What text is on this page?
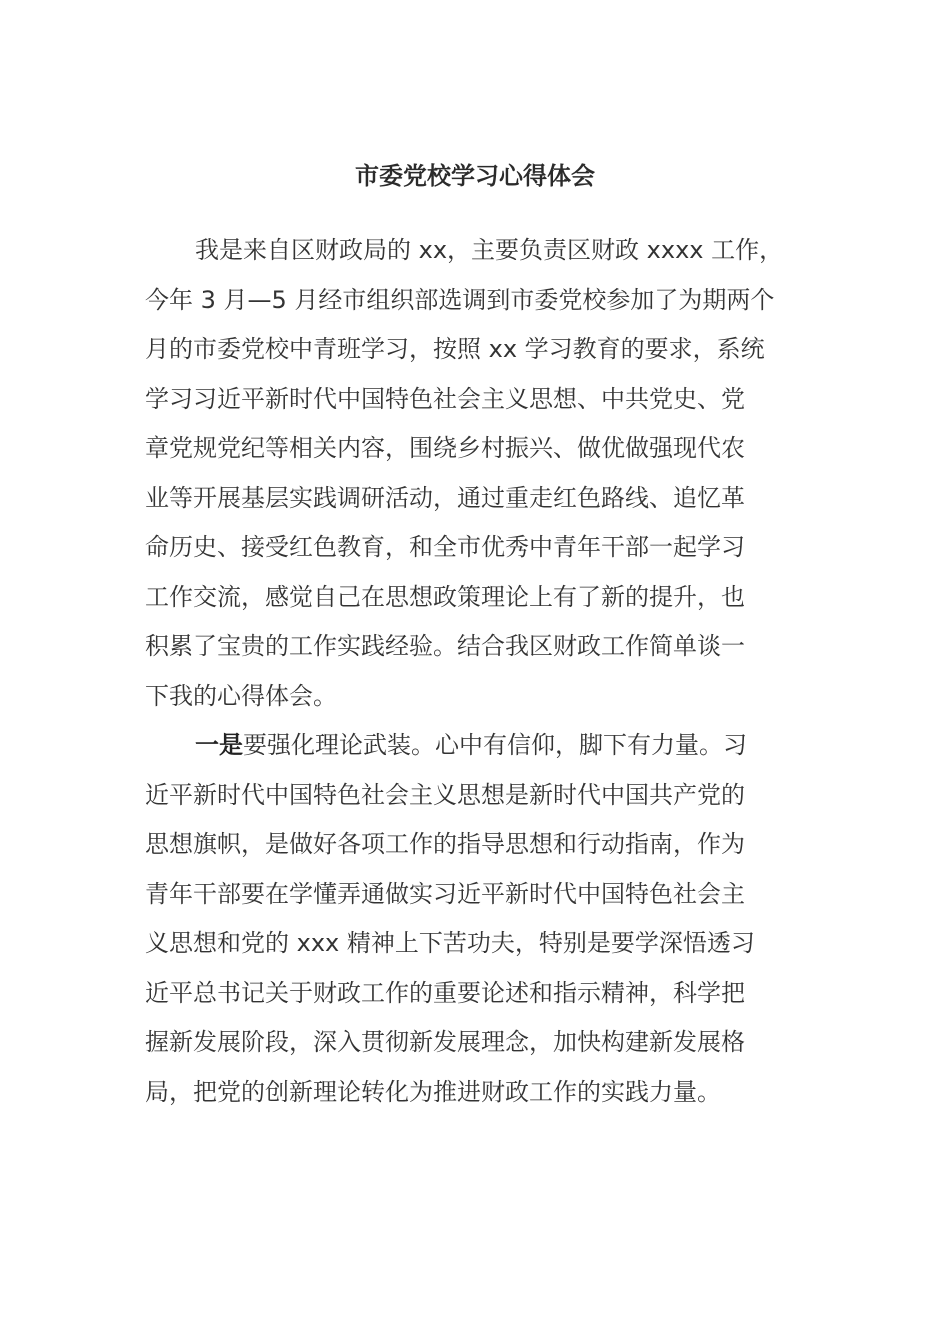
市委党校学习心得体会
我是来自区财政局的 xx，主要负责区财政 xxxx 工作，
今年 3 月—5 月经市组织部选调到市委党校参加了为期两个
月的市委党校中青班学习，按照 xx 学习教育的要求，系统
学习习近平新时代中国特色社会主义思想、中共党史、党
章党规党纪等相关内容，围绕乡村振兴、做优做强现代农
业等开展基层实践调研活动，通过重走红色路线、追忆革
命历史、接受红色教育，和全市优秀中青年干部一起学习
工作交流，感觉自己在思想政策理论上有了新的提升，也
积累了宝贵的工作实践经验。结合我区财政工作简单谈一
下我的心得体会。
一是要强化理论武装。心中有信仰，脚下有力量。习
近平新时代中国特色社会主义思想是新时代中国共产党的
思想旗帜，是做好各项工作的指导思想和行动指南，作为
青年干部要在学懂弄通做实习近平新时代中国特色社会主
义思想和党的 xxx 精神上下苦功夫，特别是要学深悟透习
近平总书记关于财政工作的重要论述和指示精神，科学把
握新发展阶段，深入贯彻新发展理念，加快构建新发展格
局，把党的创新理论转化为推进财政工作的实践力量。
